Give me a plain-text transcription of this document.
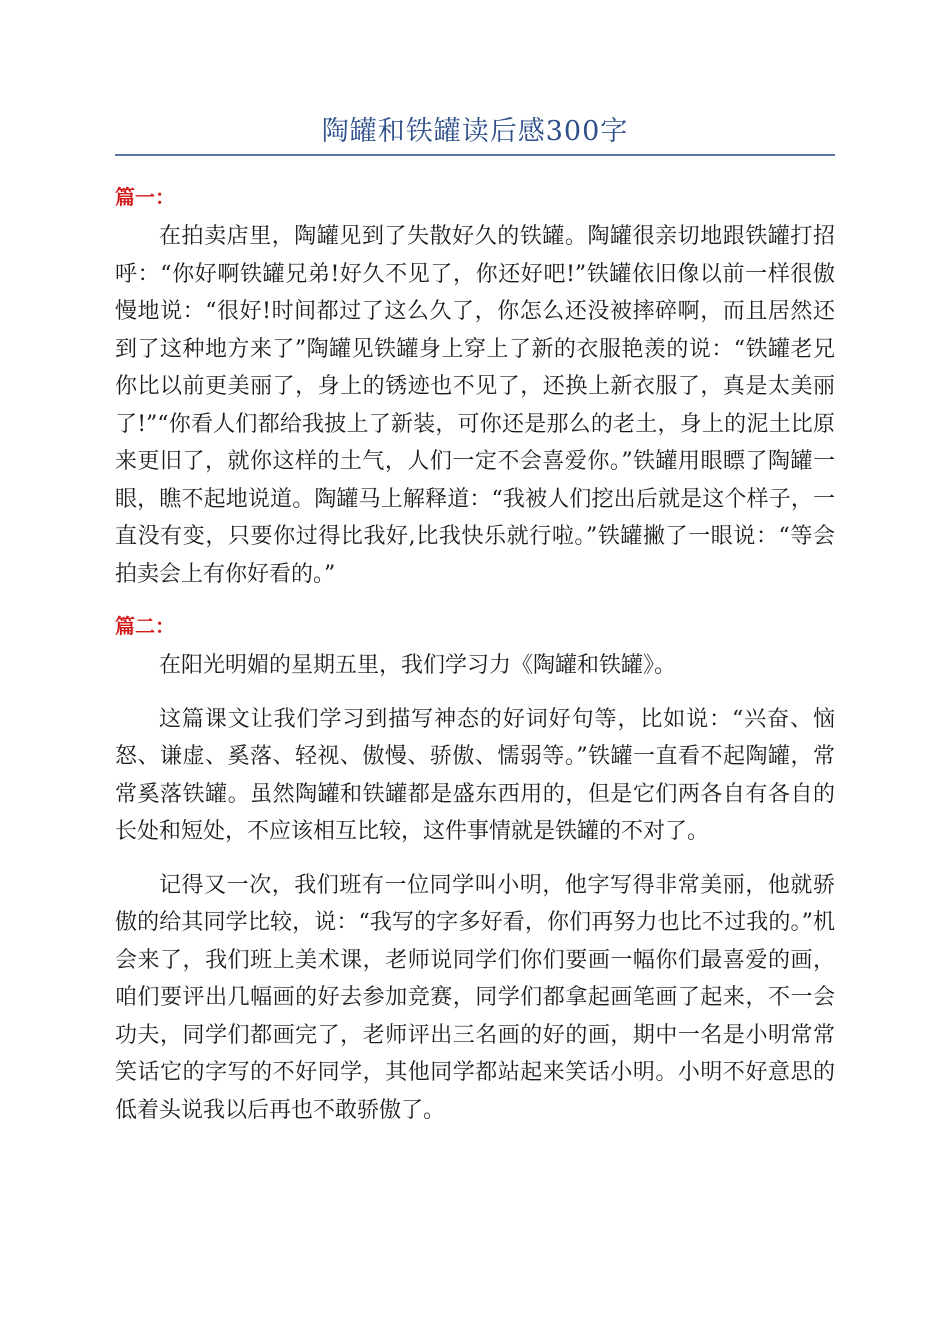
陶罐和铁罐读后感300字
篇一：

在拍卖店里，陶罐见到了失散好久的铁罐。陶罐很亲切地跟铁罐打招呼：“你好啊铁罐兄弟!好久不见了，你还好吧!”铁罐依旧像以前一样很傲慢地说：“很好!时间都过了这么久了，你怎么还没被摔碎啊，而且居然还到了这种地方来了”陶罐见铁罐身上穿上了新的衣服艳羡的说：“铁罐老兄你比以前更美丽了，身上的锈迹也不见了，还换上新衣服了，真是太美丽了!”“你看人们都给我披上了新装，可你还是那么的老土，身上的泥土比原来更旧了，就你这样的土气，人们一定不会喜爱你。”铁罐用眼瞟了陶罐一眼，瞧不起地说道。陶罐马上解释道：“我被人们挖出后就是这个样子，一直没有变，只要你过得比我好,比我快乐就行啦。”铁罐撇了一眼说：“等会拍卖会上有你好看的。”

篇二：

在阳光明媚的星期五里，我们学习力《陶罐和铁罐》。

这篇课文让我们学习到描写神态的好词好句等，比如说：“兴奋、恼怒、谦虚、奚落、轻视、傲慢、骄傲、懦弱等。”铁罐一直看不起陶罐，常常奚落铁罐。虽然陶罐和铁罐都是盛东西用的，但是它们两各自有各自的长处和短处，不应该相互比较，这件事情就是铁罐的不对了。

记得又一次，我们班有一位同学叫小明，他字写得非常美丽，他就骄傲的给其同学比较，说：“我写的字多好看，你们再努力也比不过我的。”机会来了，我们班上美术课，老师说同学们你们要画一幅你们最喜爱的画，咱们要评出几幅画的好去参加竞赛，同学们都拿起画笔画了起来，不一会功夫，同学们都画完了，老师评出三名画的好的画，期中一名是小明常常笑话它的字写的不好同学，其他同学都站起来笑话小明。小明不好意思的低着头说我以后再也不敢骄傲了。
